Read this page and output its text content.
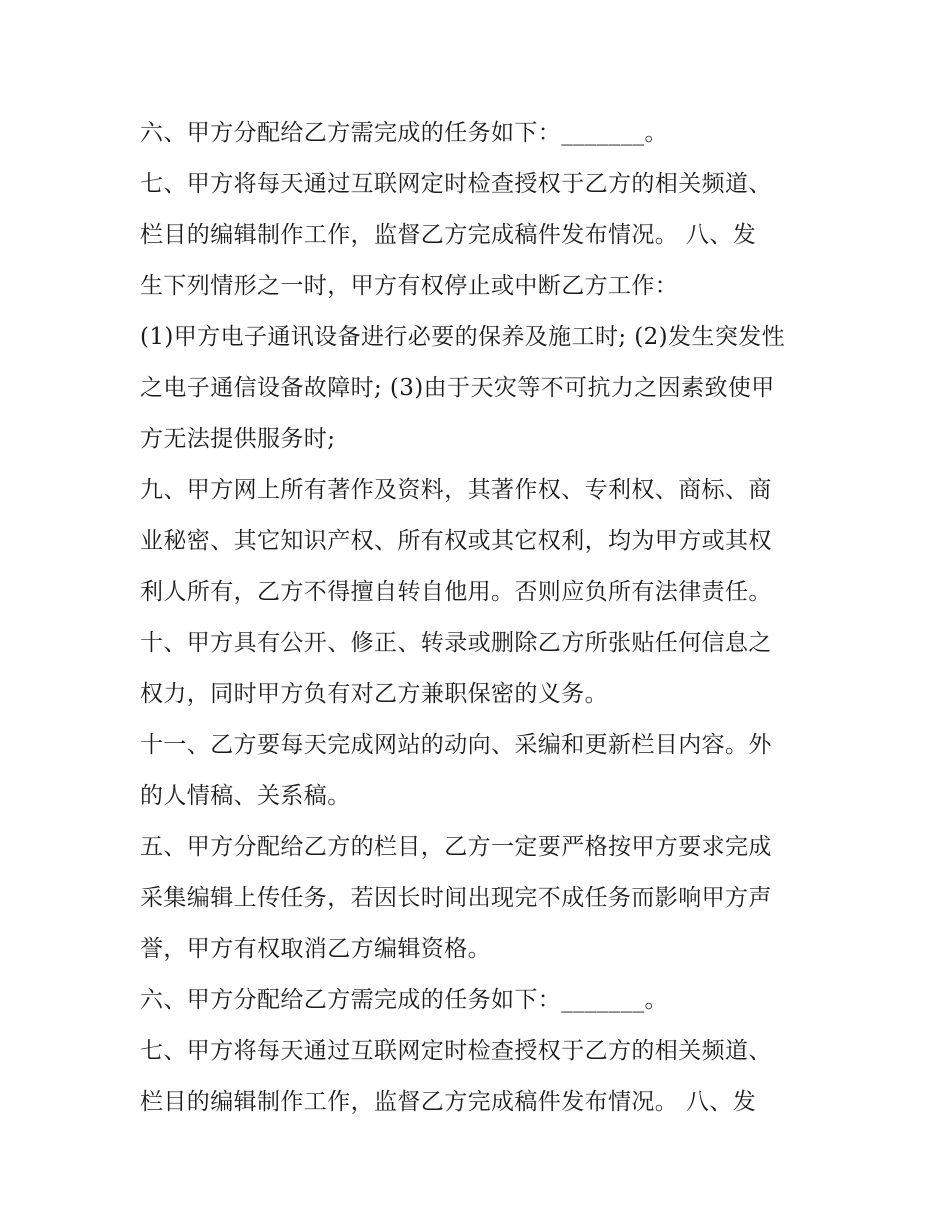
六、甲方分配给乙方需完成的任务如下：_______。
七、甲方将每天通过互联网定时检查授权于乙方的相关频道、
栏目的编辑制作工作，监督乙方完成稿件发布情况。 八、发
生下列情形之一时，甲方有权停止或中断乙方工作：
(1)甲方电子通讯设备进行必要的保养及施工时; (2)发生突发性
之电子通信设备故障时; (3)由于天灾等不可抗力之因素致使甲
方无法提供服务时;
九、甲方网上所有著作及资料，其著作权、专利权、商标、商
业秘密、其它知识产权、所有权或其它权利，均为甲方或其权
利人所有，乙方不得擅自转自他用。否则应负所有法律责任。
十、甲方具有公开、修正、转录或删除乙方所张贴任何信息之
权力，同时甲方负有对乙方兼职保密的义务。
十一、乙方要每天完成网站的动向、采编和更新栏目内容。外
的人情稿、关系稿。
五、甲方分配给乙方的栏目，乙方一定要严格按甲方要求完成
采集编辑上传任务，若因长时间出现完不成任务而影响甲方声
誉，甲方有权取消乙方编辑资格。
六、甲方分配给乙方需完成的任务如下：_______。
七、甲方将每天通过互联网定时检查授权于乙方的相关频道、
栏目的编辑制作工作，监督乙方完成稿件发布情况。 八、发
